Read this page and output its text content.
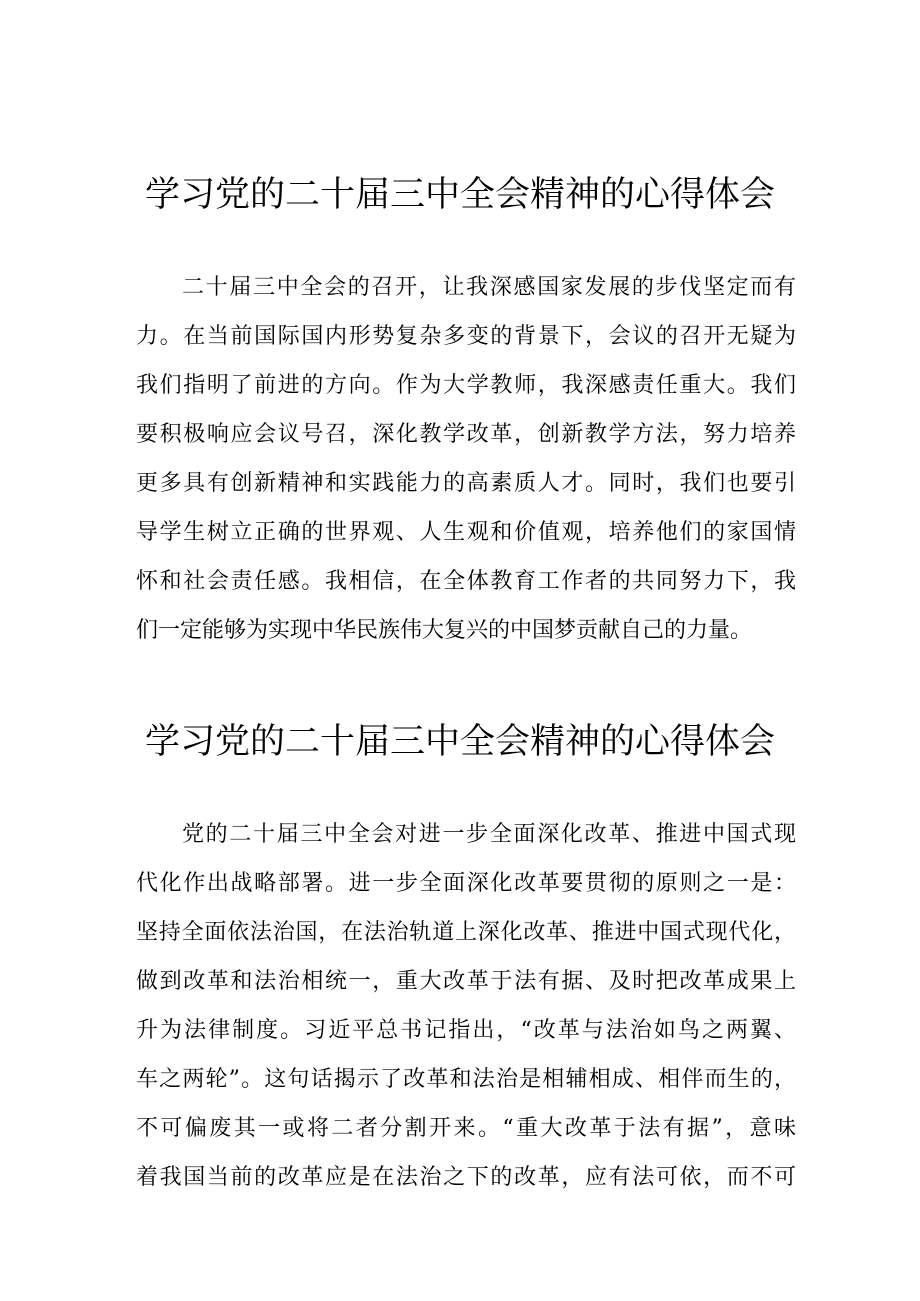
学习党的二十届三中全会精神的心得体会
二十届三中全会的召开，让我深感国家发展的步伐坚定而有
力。在当前国际国内形势复杂多变的背景下，会议的召开无疑为
我们指明了前进的方向。作为大学教师，我深感责任重大。我们
要积极响应会议号召，深化教学改革，创新教学方法，努力培养
更多具有创新精神和实践能力的高素质人才。同时，我们也要引
导学生树立正确的世界观、人生观和价值观，培养他们的家国情
怀和社会责任感。我相信，在全体教育工作者的共同努力下，我
们一定能够为实现中华民族伟大复兴的中国梦贡献自己的力量。
学习党的二十届三中全会精神的心得体会
党的二十届三中全会对进一步全面深化改革、推进中国式现
代化作出战略部署。进一步全面深化改革要贯彻的原则之一是：
坚持全面依法治国，在法治轨道上深化改革、推进中国式现代化，
做到改革和法治相统一，重大改革于法有据、及时把改革成果上
升为法律制度。习近平总书记指出，“改革与法治如鸟之两翼、
车之两轮”。这句话揭示了改革和法治是相辅相成、相伴而生的，
不可偏废其一或将二者分割开来。“重大改革于法有据”，意味
着我国当前的改革应是在法治之下的改革，应有法可依，而不可
